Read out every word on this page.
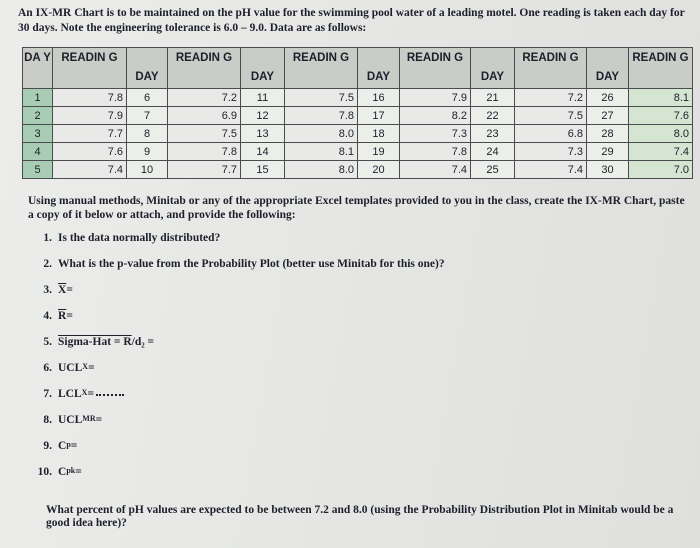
An IX-MR Chart is to be maintained on the pH value for the swimming pool water of a leading motel. One reading is taken each day for 30 days. Note the engineering tolerance is 6.0 – 9.0. Data are as follows:
DA Y	READIN G	DAY	READIN G	DAY	READIN G	DAY	READIN G	DAY	READIN G	DAY	READIN G
1	7.8	6	7.2	11	7.5	16	7.9	21	7.2	26	8.1
2	7.9	7	6.9	12	7.8	17	8.2	22	7.5	27	7.6
3	7.7	8	7.5	13	8.0	18	7.3	23	6.8	28	8.0
4	7.6	9	7.8	14	8.1	19	7.8	24	7.3	29	7.4
5	7.4	10	7.7	15	8.0	20	7.4	25	7.4	30	7.0
Using manual methods, Minitab or any of the appropriate Excel templates provided to you in the class, create the IX-MR Chart, paste a copy of it below or attach, and provide the following:
1. Is the data normally distributed?
2. What is the p-value from the Probability Plot (better use Minitab for this one)?
3. $\overline{X}$ =
4. $\overline{R}$ =
5. Sigma-Hat = R /d₂ =
6. UCL X =
7. LCL X =
8. UCL MR =
9. C p =
10. C pk =
What percent of pH values are expected to be between 7.2 and 8.0 (using the Probability Distribution Plot in Minitab would be a good idea here)?
